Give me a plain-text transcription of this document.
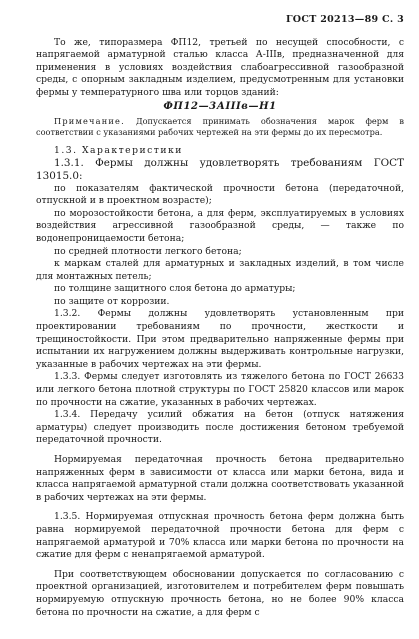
ГОСТ 20213—89 С. 3

То же, типоразмера ФП12, третьей по несущей способности, с напрягаемой арматурной сталью класса А-IIIв, предназначенной для применения в условиях воздействия слабоагрессивной газообразной среды, с опорным закладным изделием, предусмотренным для установки фермы у температурного шва или торцов зданий:

ФП12—3АIIIв—Н1

Примечание. Допускается принимать обозначения марок ферм в соответствии с указаниями рабочих чертежей на эти фермы до их пересмотра.

1.3. Характеристики

1.3.1. Фермы должны удовлетворять требованиям ГОСТ 13015.0:

по показателям фактической прочности бетона (передаточной, отпускной и в проектном возрасте);

по морозостойкости бетона, а для ферм, эксплуатируемых в условиях воздействия агрессивной газообразной среды, — также по водонепроницаемости бетона;

по средней плотности легкого бетона;

к маркам сталей для арматурных и закладных изделий, в том числе для монтажных петель;

по толщине защитного слоя бетона до арматуры;

по защите от коррозии.

1.3.2. Фермы должны удовлетворять установленным при проектировании требованиям по прочности, жесткости и трещиностойкости. При этом предварительно напряженные фермы при испытании их нагружением должны выдерживать контрольные нагрузки, указанные в рабочих чертежах на эти фермы.

1.3.3. Фермы следует изготовлять из тяжелого бетона по ГОСТ 26633 или легкого бетона плотной структуры по ГОСТ 25820 классов или марок по прочности на сжатие, указанных в рабочих чертежах.

1.3.4. Передачу усилий обжатия на бетон (отпуск натяжения арматуры) следует производить после достижения бетоном требуемой передаточной прочности.

Нормируемая передаточная прочность бетона предварительно напряженных ферм в зависимости от класса или марки бетона, вида и класса напрягаемой арматурной стали должна соответствовать указанной в рабочих чертежах на эти фермы.

1.3.5. Нормируемая отпускная прочность бетона ферм должна быть равна нормируемой передаточной прочности бетона для ферм с напрягаемой арматурой и 70% класса или марки бетона по прочности на сжатие для ферм с ненапрягаемой арматурой.

При соответствующем обосновании допускается по согласованию с проектной организацией, изготовителем и потребителем ферм повышать нормируемую отпускную прочность бетона, но не более 90% класса бетона по прочности на сжатие, а для ферм с
